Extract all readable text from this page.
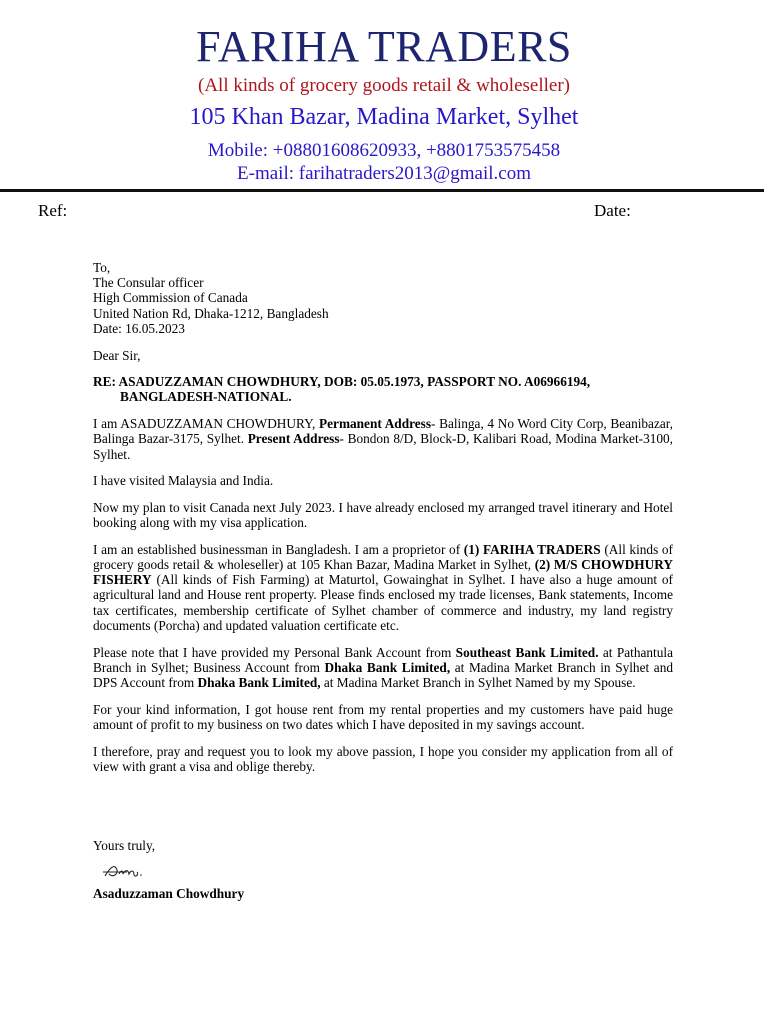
FARIHA TRADERS
(All kinds of grocery goods retail & wholeseller)
105 Khan Bazar, Madina Market, Sylhet
Mobile: +08801608620933, +8801753575458
E-mail: farihatraders2013@gmail.com
Ref:	Date:

To,
The Consular officer
High Commission of Canada
United Nation Rd, Dhaka-1212, Bangladesh
Date: 16.05.2023

Dear Sir,

RE: ASADUZZAMAN CHOWDHURY, DOB: 05.05.1973, PASSPORT NO. A06966194,
BANGLADESH-NATIONAL.

I am ASADUZZAMAN CHOWDHURY, Permanent Address- Balinga, 4 No Word City Corp, Beanibazar, Balinga Bazar-3175, Sylhet. Present Address- Bondon 8/D, Block-D, Kalibari Road, Modina Market-3100, Sylhet.

I have visited Malaysia and India.

Now my plan to visit Canada next July 2023. I have already enclosed my arranged travel itinerary and Hotel booking along with my visa application.

I am an established businessman in Bangladesh. I am a proprietor of (1) FARIHA TRADERS (All kinds of grocery goods retail & wholeseller) at 105 Khan Bazar, Madina Market in Sylhet, (2) M/S CHOWDHURY FISHERY (All kinds of Fish Farming) at Maturtol, Gowainghat in Sylhet. I have also a huge amount of agricultural land and House rent property. Please finds enclosed my trade licenses, Bank statements, Income tax certificates, membership certificate of Sylhet chamber of commerce and industry, my land registry documents (Porcha) and updated valuation certificate etc.

Please note that I have provided my Personal Bank Account from Southeast Bank Limited. at Pathantula Branch in Sylhet; Business Account from Dhaka Bank Limited, at Madina Market Branch in Sylhet and DPS Account from Dhaka Bank Limited, at Madina Market Branch in Sylhet Named by my Spouse.

For your kind information, I got house rent from my rental properties and my customers have paid huge amount of profit to my business on two dates which I have deposited in my savings account.

I therefore, pray and request you to look my above passion, I hope you consider my application from all of view with grant a visa and oblige thereby.

Yours truly,
Asaduzzaman Chowdhury
